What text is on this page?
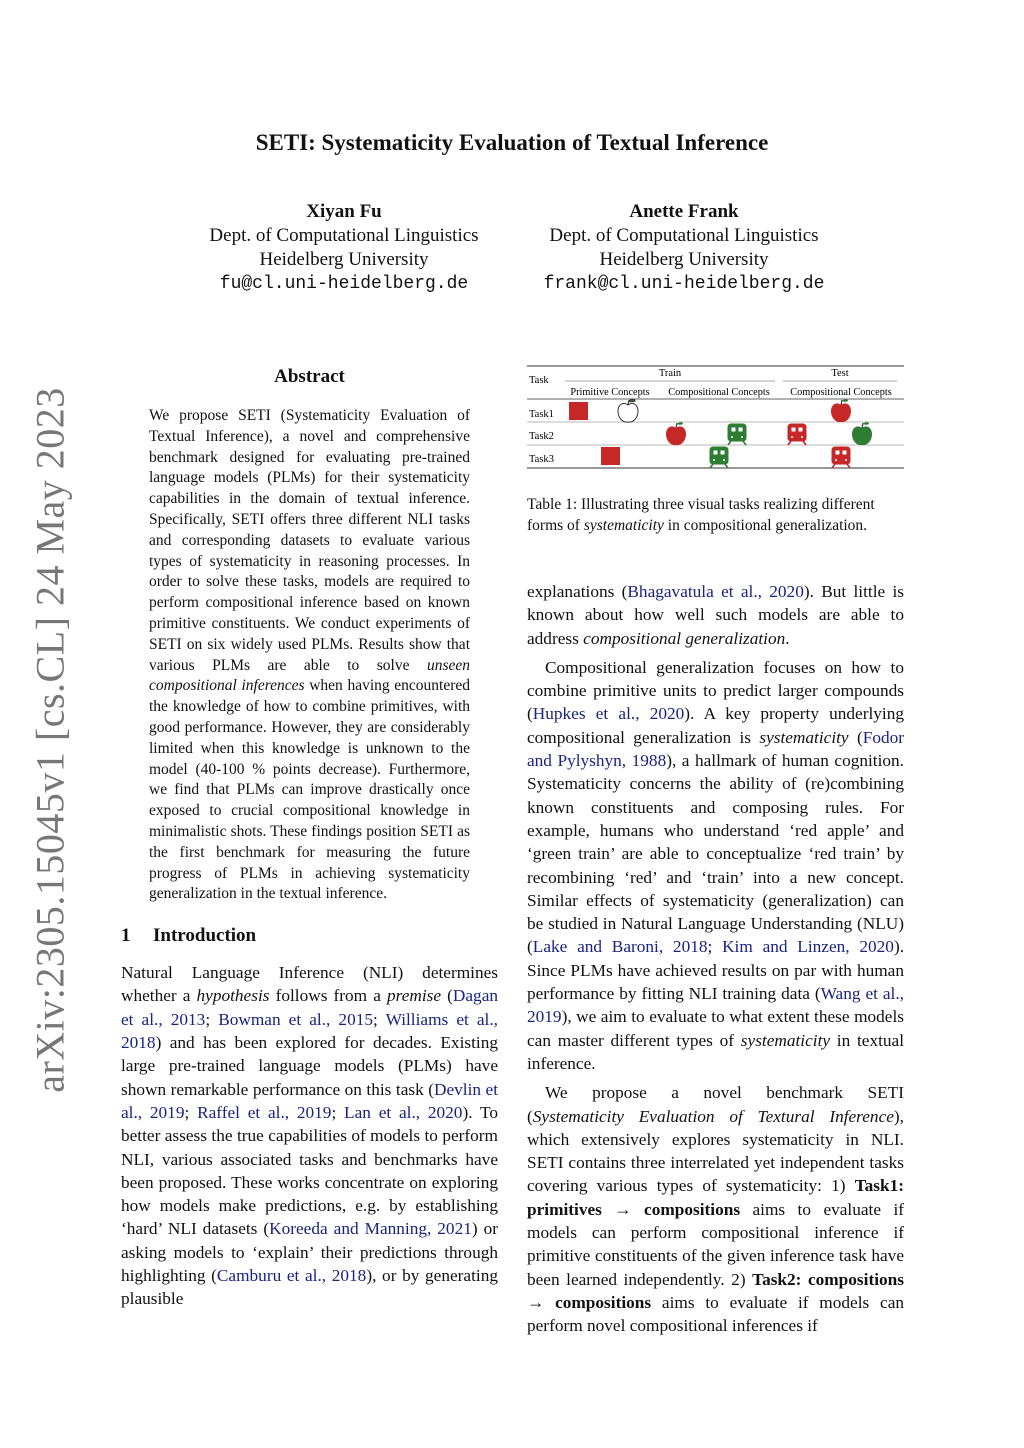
arXiv:2305.15045v1 [cs.CL] 24 May 2023
SETI: Systematicity Evaluation of Textual Inference
Xiyan Fu
Dept. of Computational Linguistics
Heidelberg University
fu@cl.uni-heidelberg.de
Anette Frank
Dept. of Computational Linguistics
Heidelberg University
frank@cl.uni-heidelberg.de
Abstract
We propose SETI (Systematicity Evaluation of Textual Inference), a novel and comprehensive benchmark designed for evaluating pre-trained language models (PLMs) for their systematicity capabilities in the domain of textual inference. Specifically, SETI offers three different NLI tasks and corresponding datasets to evaluate various types of systematicity in reasoning processes. In order to solve these tasks, models are required to perform compositional inference based on known primitive constituents. We conduct experiments of SETI on six widely used PLMs. Results show that various PLMs are able to solve unseen compositional inferences when having encountered the knowledge of how to combine primitives, with good performance. However, they are considerably limited when this knowledge is unknown to the model (40-100 % points decrease). Furthermore, we find that PLMs can improve drastically once exposed to crucial compositional knowledge in minimalistic shots. These findings position SETI as the first benchmark for measuring the future progress of PLMs in achieving systematicity generalization in the textual inference.
1 Introduction

Natural Language Inference (NLI) determines whether a hypothesis follows from a premise (Dagan et al., 2013; Bowman et al., 2015; Williams et al., 2018) and has been explored for decades. Existing large pre-trained language models (PLMs) have shown remarkable performance on this task (Devlin et al., 2019; Raffel et al., 2019; Lan et al., 2020). To better assess the true capabilities of models to perform NLI, various associated tasks and benchmarks have been proposed. These works concentrate on exploring how models make predictions, e.g. by establishing ‘hard’ NLI datasets (Koreeda and Manning, 2021) or asking models to ‘explain’ their predictions through highlighting (Camburu et al., 2018), or by generating plausible

Task
Train	Test
Primitive Concepts Compositional Concepts Compositional Concepts
Task1
Task2
Task3
Table 1: Illustrating three visual tasks realizing different forms of systematicity in compositional generalization.

explanations (Bhagavatula et al., 2020). But little is known about how well such models are able to address compositional generalization.

Compositional generalization focuses on how to combine primitive units to predict larger compounds (Hupkes et al., 2020). A key property underlying compositional generalization is systematicity (Fodor and Pylyshyn, 1988), a hallmark of human cognition. Systematicity concerns the ability of (re)combining known constituents and composing rules. For example, humans who understand ‘red apple’ and ‘green train’ are able to conceptualize ‘red train’ by recombining ‘red’ and ‘train’ into a new concept. Similar effects of systematicity (generalization) can be studied in Natural Language Understanding (NLU) (Lake and Baroni, 2018; Kim and Linzen, 2020). Since PLMs have achieved results on par with human performance by fitting NLI training data (Wang et al., 2019), we aim to evaluate to what extent these models can master different types of systematicity in textual inference.

We propose a novel benchmark SETI (Systematicity Evaluation of Textural Inference), which extensively explores systematicity in NLI. SETI contains three interrelated yet independent tasks covering various types of systematicity: 1) Task1: primitives → compositions aims to evaluate if models can perform compositional inference if primitive constituents of the given inference task have been learned independently. 2) Task2: compositions → compositions aims to evaluate if models can perform novel compositional inferences if
